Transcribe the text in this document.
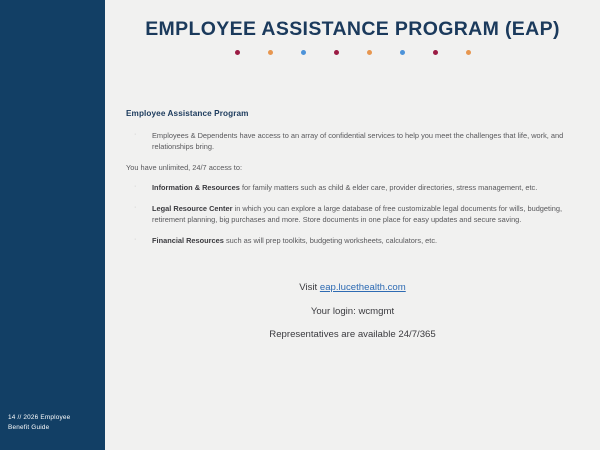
14 // 2026 Employee
Benefit Guide
EMPLOYEE ASSISTANCE PROGRAM (EAP)
Employee Assistance Program
·	Employees & Dependents have access to an array of confidential services to help you meet the challenges that life, work, and relationships bring.
You have unlimited, 24/7 access to:
·	Information & Resources for family matters such as child & elder care, provider directories, stress management, etc.
·	Legal Resource Center in which you can explore a large database of free customizable legal documents for wills, budgeting, retirement planning, big purchases and more. Store documents in one place for easy updates and secure saving.
·	Financial Resources such as will prep toolkits, budgeting worksheets, calculators, etc.
Visit eap.lucethealth.com
Your login: wcmgmt
Representatives are available 24/7/365
